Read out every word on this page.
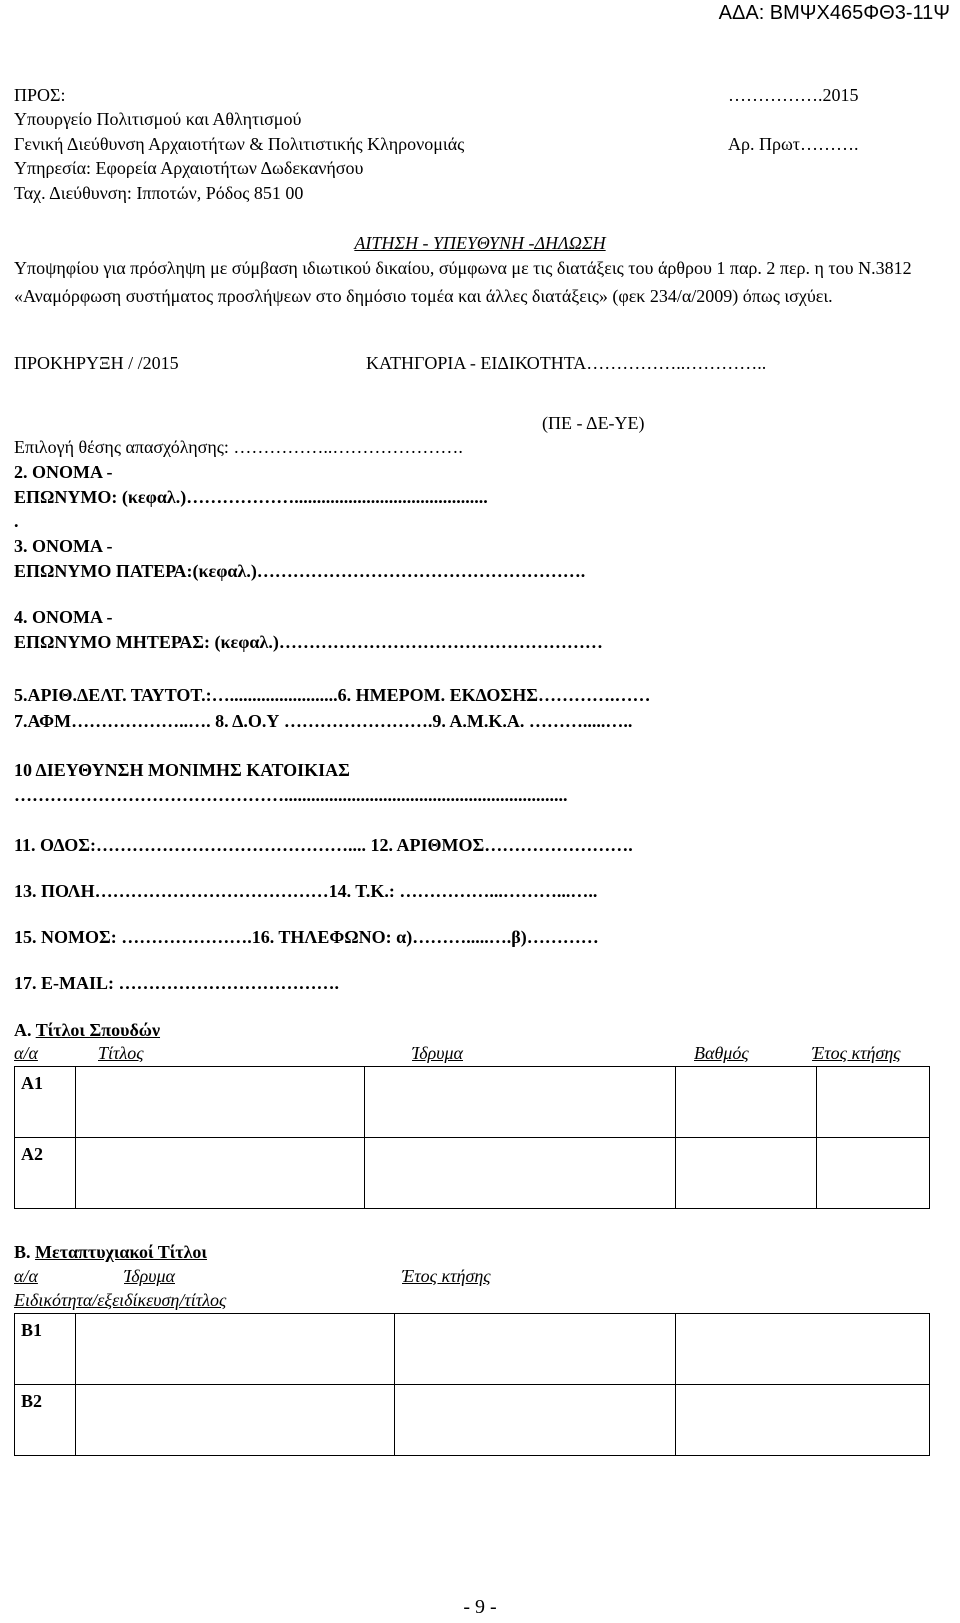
ΑΔΑ: ΒΜΨΧ465ΦΘ3-11Ψ
ΠΡΟΣ:
Υπουργείο Πολιτισμού και Αθλητισμού
Γενική Διεύθυνση Αρχαιοτήτων & Πολιτιστικής Κληρονομιάς
Υπηρεσία: Εφορεία Αρχαιοτήτων Δωδεκανήσου
Ταχ. Διεύθυνση: Ιπποτών, Ρόδος 851 00
…………….2015
Αρ. Πρωτ……….
ΑΙΤΗΣΗ - ΥΠΕΥΘΥΝΗ -ΔΗΛΩΣΗ
Υποψηφίου για πρόσληψη με σύμβαση ιδιωτικού δικαίου, σύμφωνα με τις διατάξεις του άρθρου 1 παρ. 2 περ. η του Ν.3812 «Αναμόρφωση συστήματος προσλήψεων στο δημόσιο τομέα και άλλες διατάξεις» (φεκ 234/α/2009) όπως ισχύει.
ΠΡΟΚΗΡΥΞΗ / /2015	ΚΑΤΗΓΟΡΙΑ - ΕΙΔΙΚΟΤΗΤΑ……………..…………..
(ΠΕ - ΔΕ-ΥΕ)
Επιλογή θέσης απασχόλησης: ……………..………………….
2. ΟΝΟΜΑ -
ΕΠΩΝΥΜΟ: (κεφαλ.)………………...........................................
.
3. ΟΝΟΜΑ -
ΕΠΩΝΥΜΟ ΠΑΤΕΡΑ:(κεφαλ.)……………………………………………….
4. ΟΝΟΜΑ -
ΕΠΩΝΥΜΟ ΜΗΤΕΡΑΣ: (κεφαλ.)………………………………………………
5.ΑΡΙΘ.ΔΕΛΤ. ΤΑΥΤΟΤ.:…........................6. ΗΜΕΡΟΜ. ΕΚΔΟΣΗΣ………….……
7.ΑΦΜ………………..…. 8. Δ.Ο.Υ …………………….9. Α.Μ.Κ.Α. ……….....…..
10 ΔΙΕΥΘΥΝΣΗ ΜΟΝΙΜΗΣ ΚΑΤΟΙΚΙΑΣ
………………………………………...............................................................
11. ΟΔΟΣ:…………………………………….... 12. ΑΡΙΘΜΟΣ…………………….
13. ΠΟΛΗ…………………………………14. Τ.Κ.: ……………...………...…..
15. ΝΟΜΟΣ: ………………….16. ΤΗΛΕΦΩΝΟ: α)……….....….β)…………
17. E-MAIL: ……………………………….
Α. Τίτλοι Σπουδών
α/α	Τίτλος	Ίδρυμα	Βαθμός	Έτος κτήσης
Α1				
Α2				
Β. Μεταπτυχιακοί Τίτλοι
α/α	Ίδρυμα	Έτος κτήσης
Ειδικότητα/εξειδίκευση/τίτλος
Β1			
Β2			
- 9 -
